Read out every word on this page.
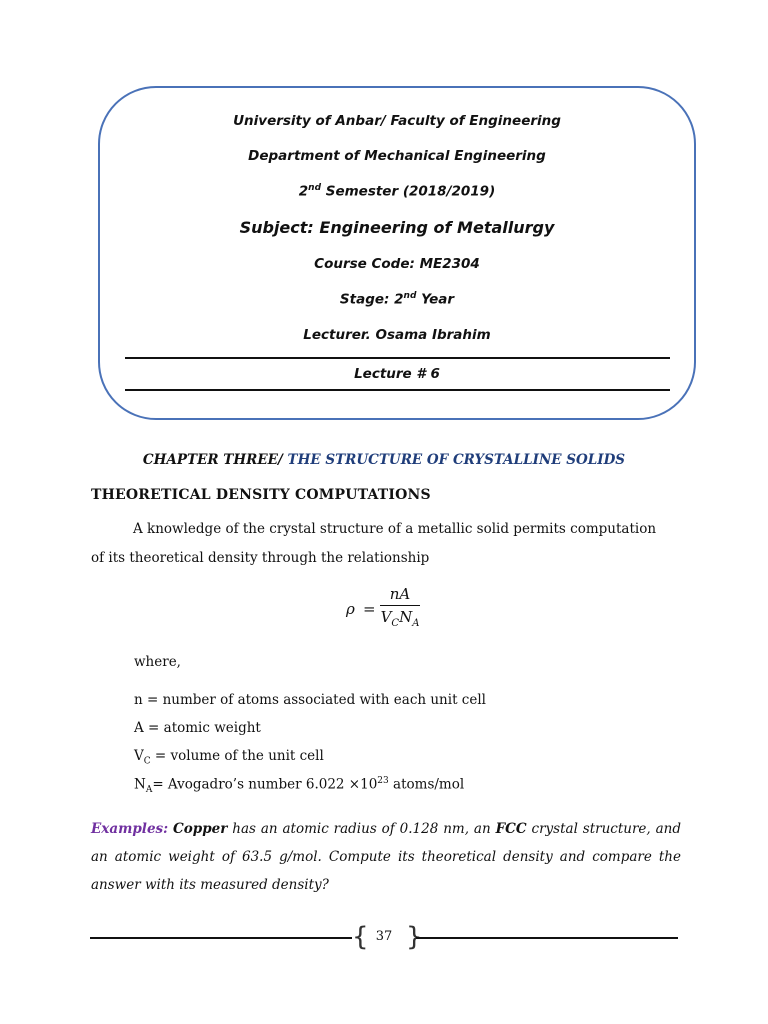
University of Anbar/ Faculty of Engineering
Department of Mechanical Engineering
2nd Semester (2018/2019)
Subject: Engineering of Metallurgy
Course Code: ME2304
Stage: 2nd Year
Lecturer. Osama Ibrahim
Lecture # 6
CHAPTER THREE/ THE STRUCTURE OF CRYSTALLINE SOLIDS
THEORETICAL DENSITY COMPUTATIONS
A knowledge of the crystal structure of a metallic solid permits computation
of its theoretical density through the relationship
ρ =
nA
$V_CN_A$
where,
n = number of atoms associated with each unit cell
A = atomic weight
$V_C$ = volume of the unit cell
$N_A=$ Avogadro’s number $6.022 \times 10^{23}$ atoms/mol
Examples: Copper has an atomic radius of 0.128 nm, an FCC crystal structure, and an atomic weight of 63.5 g/mol. Compute its theoretical density and compare the answer with its measured density?
{ 37 }
